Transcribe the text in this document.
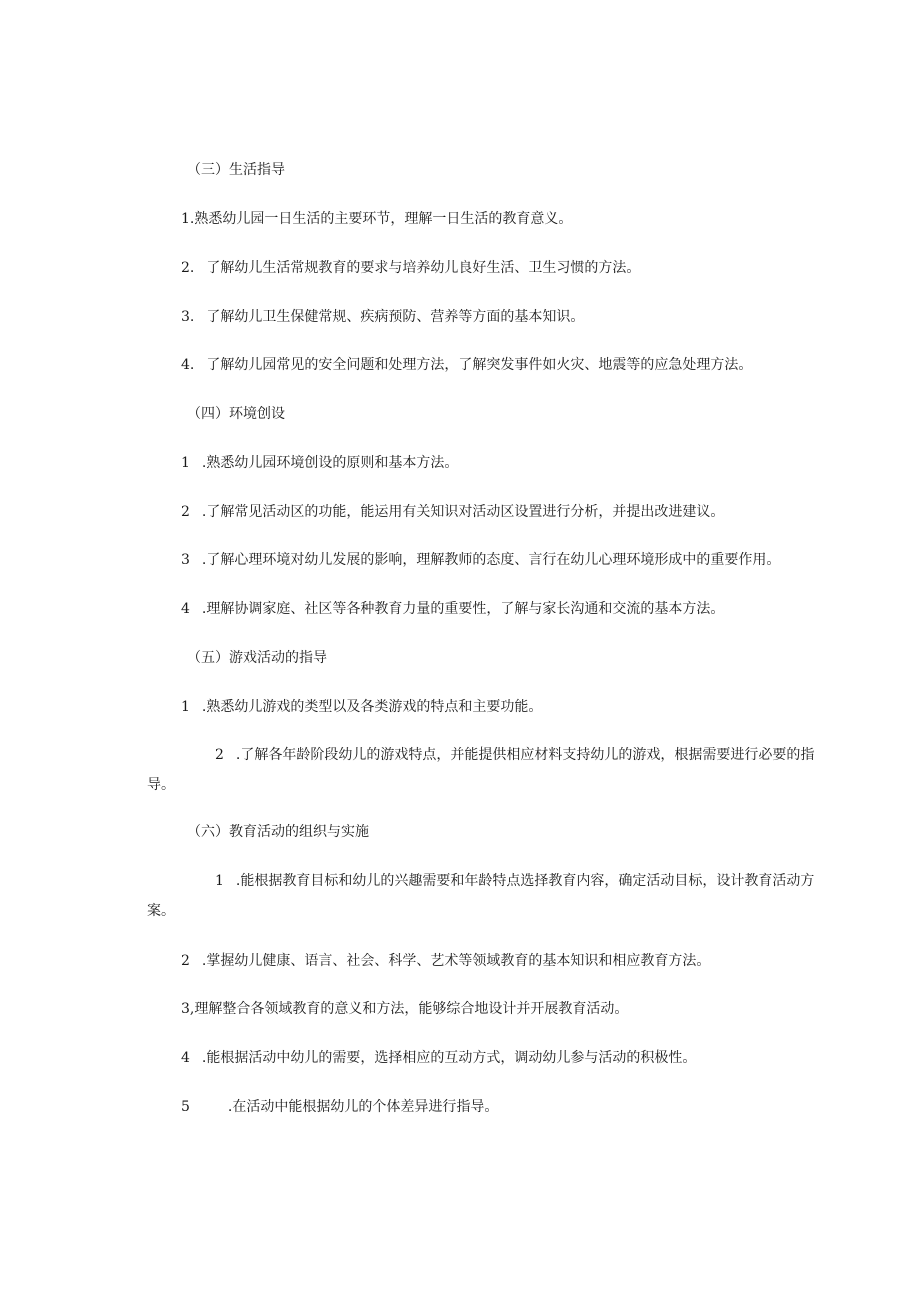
（三）生活指导
1.熟悉幼儿园一日生活的主要环节，理解一日生活的教育意义。
2. 了解幼儿生活常规教育的要求与培养幼儿良好生活、卫生习惯的方法。
3. 了解幼儿卫生保健常规、疾病预防、营养等方面的基本知识。
4. 了解幼儿园常见的安全问题和处理方法，了解突发事件如火灾、地震等的应急处理方法。
（四）环境创设
1 .熟悉幼儿园环境创设的原则和基本方法。
2 .了解常见活动区的功能，能运用有关知识对活动区设置进行分析，并提出改进建议。
3 .了解心理环境对幼儿发展的影响，理解教师的态度、言行在幼儿心理环境形成中的重要作用。
4 .理解协调家庭、社区等各种教育力量的重要性，了解与家长沟通和交流的基本方法。
（五）游戏活动的指导
1 .熟悉幼儿游戏的类型以及各类游戏的特点和主要功能。
2 .了解各年龄阶段幼儿的游戏特点，并能提供相应材料支持幼儿的游戏，根据需要进行必要的指导。
（六）教育活动的组织与实施
1 .能根据教育目标和幼儿的兴趣需要和年龄特点选择教育内容，确定活动目标，设计教育活动方案。
2 .掌握幼儿健康、语言、社会、科学、艺术等领域教育的基本知识和相应教育方法。
3,理解整合各领域教育的意义和方法，能够综合地设计并开展教育活动。
4 .能根据活动中幼儿的需要，选择相应的互动方式，调动幼儿参与活动的积极性。
5	.在活动中能根据幼儿的个体差异进行指导。
